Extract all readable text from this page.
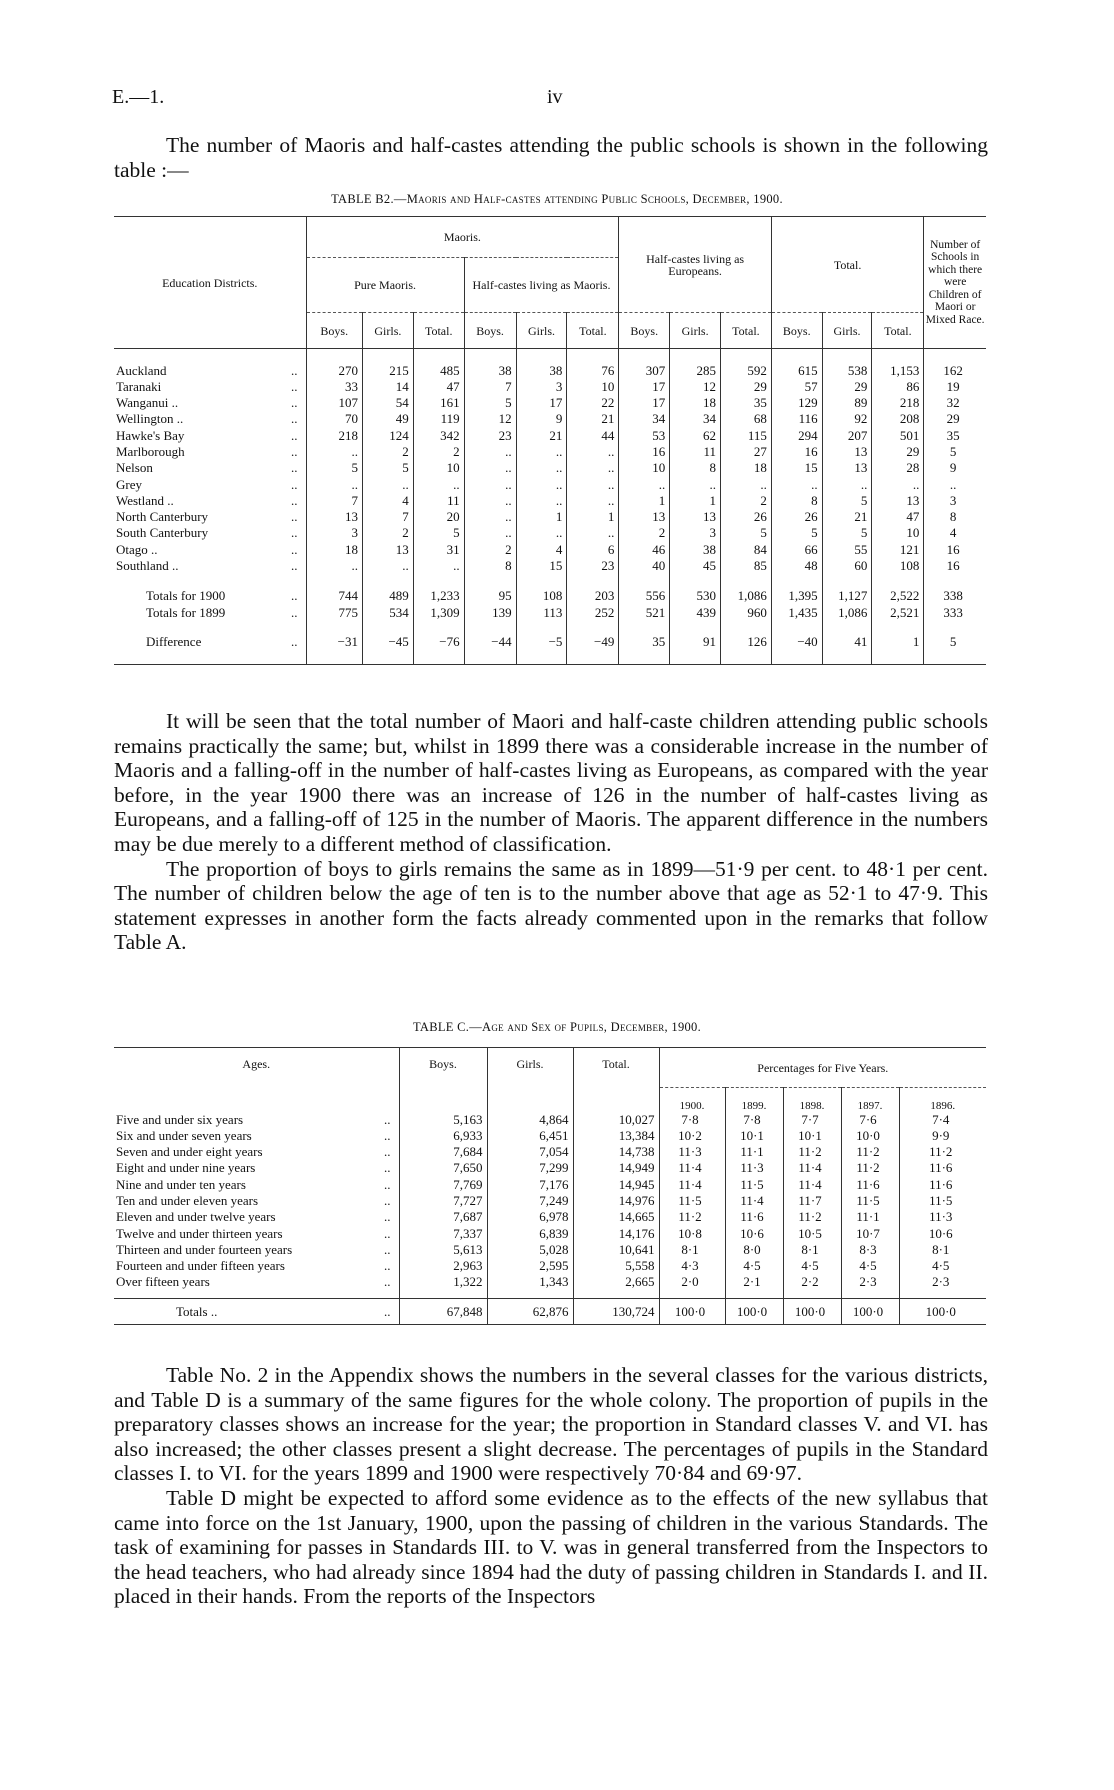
E.—1.	iv

The number of Maoris and half-castes attending the public schools is shown in the following table :—

TABLE B2.—Maoris and Half-castes attending Public Schools, December, 1900.
Education Districts.		Maoris.						Half-castes living as Europeans.			Total.			Number of Schools in which there were Children of Maori or Mixed Race.
		Pure Maoris.			Half-castes living as Maoris.									
		Boys.	Girls.	Total.	Boys.	Girls.	Total.	Boys.	Girls.	Total.	Boys.	Girls.	Total.	

Auckland	..	270	215	485	38	38	76	307	285	592	615	538	1,153	162
Taranaki	..	33	14	47	7	3	10	17	12	29	57	29	86	19
Wanganui ..	..	107	54	161	5	17	22	17	18	35	129	89	218	32
Wellington ..	..	70	49	119	12	9	21	34	34	68	116	92	208	29
Hawke's Bay	..	218	124	342	23	21	44	53	62	115	294	207	501	35
Marlborough	..	..	2	2	..	..	..	16	11	27	16	13	29	5
Nelson	..	5	5	10	..	..	..	10	8	18	15	13	28	9
Grey	..	..	..	..	..	..	..	..	..	..	..	..	..	..
Westland ..	..	7	4	11	..	..	..	1	1	2	8	5	13	3
North Canterbury	..	13	7	20	..	1	1	13	13	26	26	21	47	8
South Canterbury	..	3	2	5	..	..	..	2	3	5	5	5	10	4
Otago ..	..	18	13	31	2	4	6	46	38	84	66	55	121	16
Southland ..	..	..	..	..	8	15	23	40	45	85	48	60	108	16

Totals for 1900	..	744	489	1,233	95	108	203	556	530	1,086	1,395	1,127	2,522	338
Totals for 1899	..	775	534	1,309	139	113	252	521	439	960	1,435	1,086	2,521	333

Difference	..	−31	−45	−76	−44	−5	−49	35	91	126	−40	41	1	5

It will be seen that the total number of Maori and half-caste children attending public schools remains practically the same; but, whilst in 1899 there was a considerable increase in the number of Maoris and a falling-off in the number of half-castes living as Europeans, as compared with the year before, in the year 1900 there was an increase of 126 in the number of half-castes living as Europeans, and a falling-off of 125 in the number of Maoris. The apparent difference in the numbers may be due merely to a different method of classification.

The proportion of boys to girls remains the same as in 1899—51·9 per cent. to 48·1 per cent. The number of children below the age of ten is to the number above that age as 52·1 to 47·9. This statement expresses in another form the facts already commented upon in the remarks that follow Table A.

TABLE C.—Age and Sex of Pupils, December, 1900.
Ages.		Boys.	Girls.	Total.	Percentages for Five Years.				
					1900.	1899.	1898.	1897.	1896.
Five and under six years	..	5,163	4,864	10,027	7·8	7·8	7·7	7·6	7·4
Six and under seven years	..	6,933	6,451	13,384	10·2	10·1	10·1	10·0	9·9
Seven and under eight years	..	7,684	7,054	14,738	11·3	11·1	11·2	11·2	11·2
Eight and under nine years	..	7,650	7,299	14,949	11·4	11·3	11·4	11·2	11·6
Nine and under ten years	..	7,769	7,176	14,945	11·4	11·5	11·4	11·6	11·6
Ten and under eleven years	..	7,727	7,249	14,976	11·5	11·4	11·7	11·5	11·5
Eleven and under twelve years	..	7,687	6,978	14,665	11·2	11·6	11·2	11·1	11·3
Twelve and under thirteen years	..	7,337	6,839	14,176	10·8	10·6	10·5	10·7	10·6
Thirteen and under fourteen years	..	5,613	5,028	10,641	8·1	8·0	8·1	8·3	8·1
Fourteen and under fifteen years	..	2,963	2,595	5,558	4·3	4·5	4·5	4·5	4·5
Over fifteen years	..	1,322	1,343	2,665	2·0	2·1	2·2	2·3	2·3

Totals ..	..	67,848	62,876	130,724	100·0	100·0	100·0	100·0	100·0

Table No. 2 in the Appendix shows the numbers in the several classes for the various districts, and Table D is a summary of the same figures for the whole colony. The proportion of pupils in the preparatory classes shows an increase for the year; the proportion in Standard classes V. and VI. has also increased; the other classes present a slight decrease. The percentages of pupils in the Standard classes I. to VI. for the years 1899 and 1900 were respectively 70·84 and 69·97.

Table D might be expected to afford some evidence as to the effects of the new syllabus that came into force on the 1st January, 1900, upon the passing of children in the various Standards. The task of examining for passes in Standards III. to V. was in general transferred from the Inspectors to the head teachers, who had already since 1894 had the duty of passing children in Standards I. and II. placed in their hands. From the reports of the Inspectors
